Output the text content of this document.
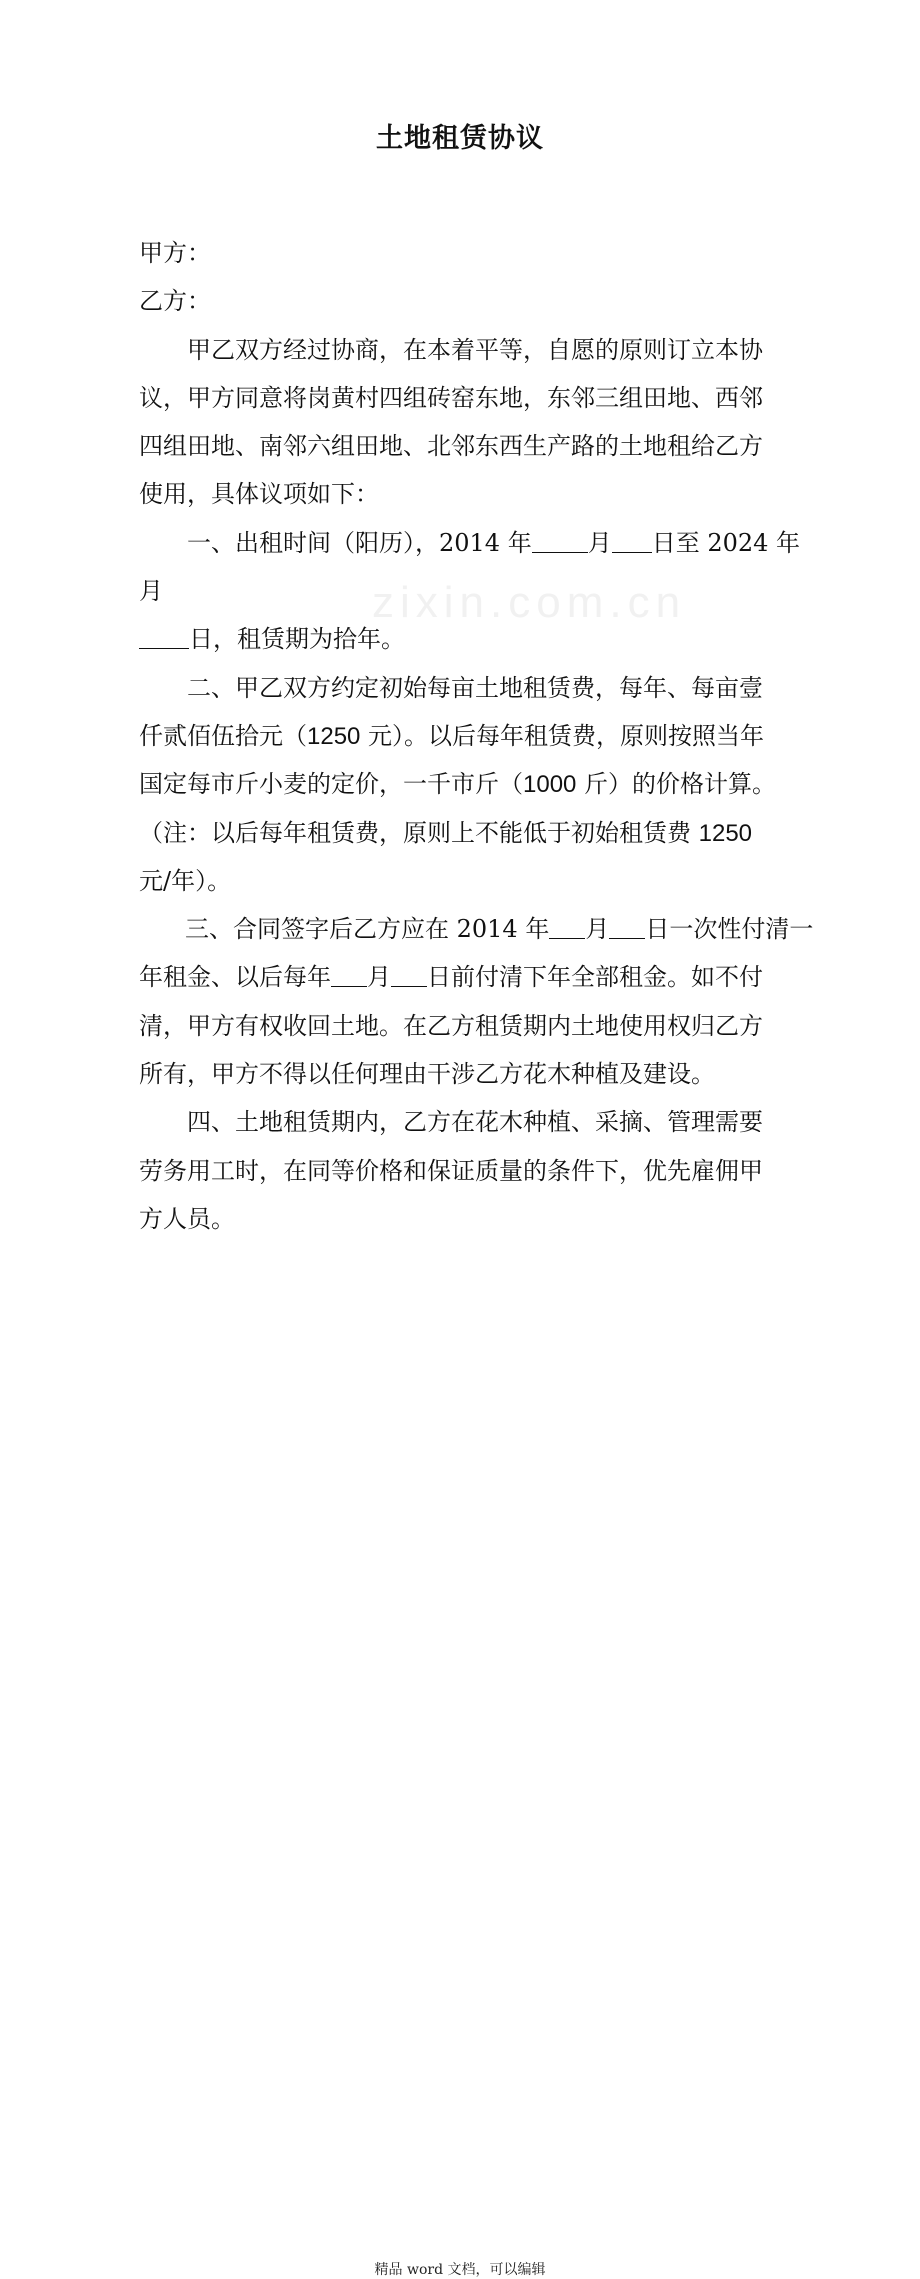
zixin.com.cn
土地租赁协议
甲方：
乙方：
甲乙双方经过协商，在本着平等，自愿的原则订立本协
议，甲方同意将岗黄村四组砖窑东地，东邻三组田地、西邻
四组田地、南邻六组田地、北邻东西生产路的土地租给乙方
使用，具体议项如下：
一、出租时间（阳历），2014 年 月 日至 2024 年
月
日，租赁期为拾年。
二、甲乙双方约定初始每亩土地租赁费，每年、每亩壹
仟贰佰伍拾元（1250 元）。以后每年租赁费，原则按照当年
国定每市斤小麦的定价，一千市斤（1000 斤）的价格计算。
（注：以后每年租赁费，原则上不能低于初始租赁费 1250
元/年）。
三、合同签字后乙方应在 2014 年 月 日一次性付清一
年租金、以后每年 月 日前付清下年全部租金。如不付
清，甲方有权收回土地。在乙方租赁期内土地使用权归乙方
所有，甲方不得以任何理由干涉乙方花木种植及建设。
四、土地租赁期内，乙方在花木种植、采摘、管理需要
劳务用工时，在同等价格和保证质量的条件下，优先雇佣甲
方人员。
精品 word 文档，可以编辑
